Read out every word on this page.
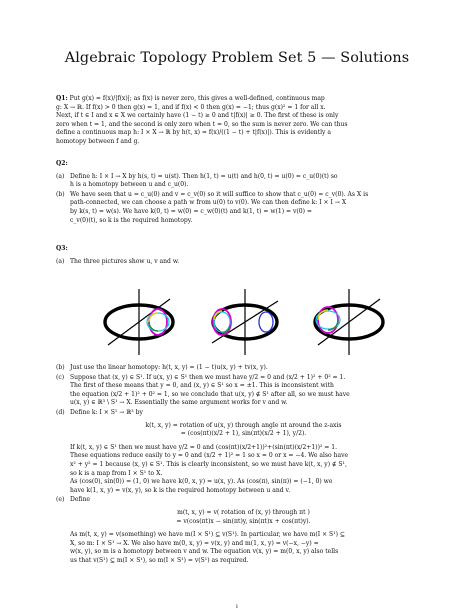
Algebraic Topology Problem Set 5 — Solutions

Q1: Put g(x) = f(x)/|f(x)|; as f(x) is never zero, this gives a well-defined, continuous map

g: X → ℝ. If f(x) > 0 then g(x) = 1, and if f(x) < 0 then g(x) = −1; thus g(x)² = 1 for all x.

Next, if t ∈ I and x ∈ X we certainly have (1 − t) ≥ 0 and t|f(x)| ≥ 0. The first of these is only

zero when t = 1, and the second is only zero when t = 0, so the sum is never zero. We can thus

define a continuous map h: I × X → ℝ by h(t, x) = f(x)/((1 − t) + t|f(x)|). This is evidently a

homotopy between f and g.

Q2:

(a) Define h: I × I → X by h(s, t) = u(st). Then h(1, t) = u(t) and h(0, t) = u(0) = c_u(0)(t) so

h is a homotopy between u and c_u(0).

(b) We have seen that u ≃ c_u(0) and v ≃ c_v(0) so it will suffice to show that c_u(0) ≃ c_v(0). As X is

path-connected, we can choose a path w from u(0) to v(0). We can then define k: I × I → X

by k(s, t) = w(s). We have k(0, t) = w(0) = c_w(0)(t) and k(1, t) = w(1) = v(0) =

c_v(0)(t), so k is the required homotopy.

Q3:

(a) The three pictures show u, v and w.

(b) Just use the linear homotopy: h(t, x, y) = (1 − t)u(x, y) + tv(x, y).

(c) Suppose that (x, y) ∈ S¹. If u(x, y) ∈ S¹ then we must have y/2 = 0 and (x/2 + 1)² + 0² = 1.

The first of these means that y = 0, and (x, y) ∈ S¹ so x = ±1. This is inconsistent with

the equation (x/2 + 1)² + 0² = 1, so we conclude that u(x, y) ∉ S¹ after all, so we must have

u(x, y) ∈ ℝ³ \ S¹ → X. Essentially the same argument works for v and w.

(d) Define k: I × S¹ → ℝ³ by

k(t, x, y) = rotation of u(x, y) through angle πt around the z-axis

= (cos(πt)(x/2 + 1), sin(πt)(x/2 + 1), y/2).

If k(t, x, y) ∈ S¹ then we must have y/2 = 0 and (cos(πt)(x/2+1))²+(sin(πt)(x/2+1))² = 1.

These equations reduce easily to y = 0 and (x/2 + 1)² = 1 so x = 0 or x = −4. We also have

x² + y² = 1 because (x, y) ∈ S¹. This is clearly inconsistent, so we must have k(t, x, y) ∉ S¹,

so k is a map from I × S¹ to X.

As (cos(0), sin(0)) = (1, 0) we have k(0, x, y) = u(x, y). As (cos(π), sin(π)) = (−1, 0) we

have k(1, x, y) = v(x, y), so k is the required homotopy between u and v.

(e) Define

m(t, x, y) = v( rotation of (x, y) through πt )

= v(cos(πt)x − sin(πt)y, sin(πt)x + cos(πt)y).

As m(t, x, y) = v(something) we have m(I × S¹) ⊆ v(S¹). In particular, we have m(I × S¹) ⊆

X, so m: I × S¹ → X. We also have m(0, x, y) = v(x, y) and m(1, x, y) = v(−x, −y) =

w(x, y), so m is a homotopy between v and w. The equation v(x, y) = m(0, x, y) also tells

us that v(S¹) ⊆ m(I × S¹), so m(I × S¹) = v(S¹) as required.

1
